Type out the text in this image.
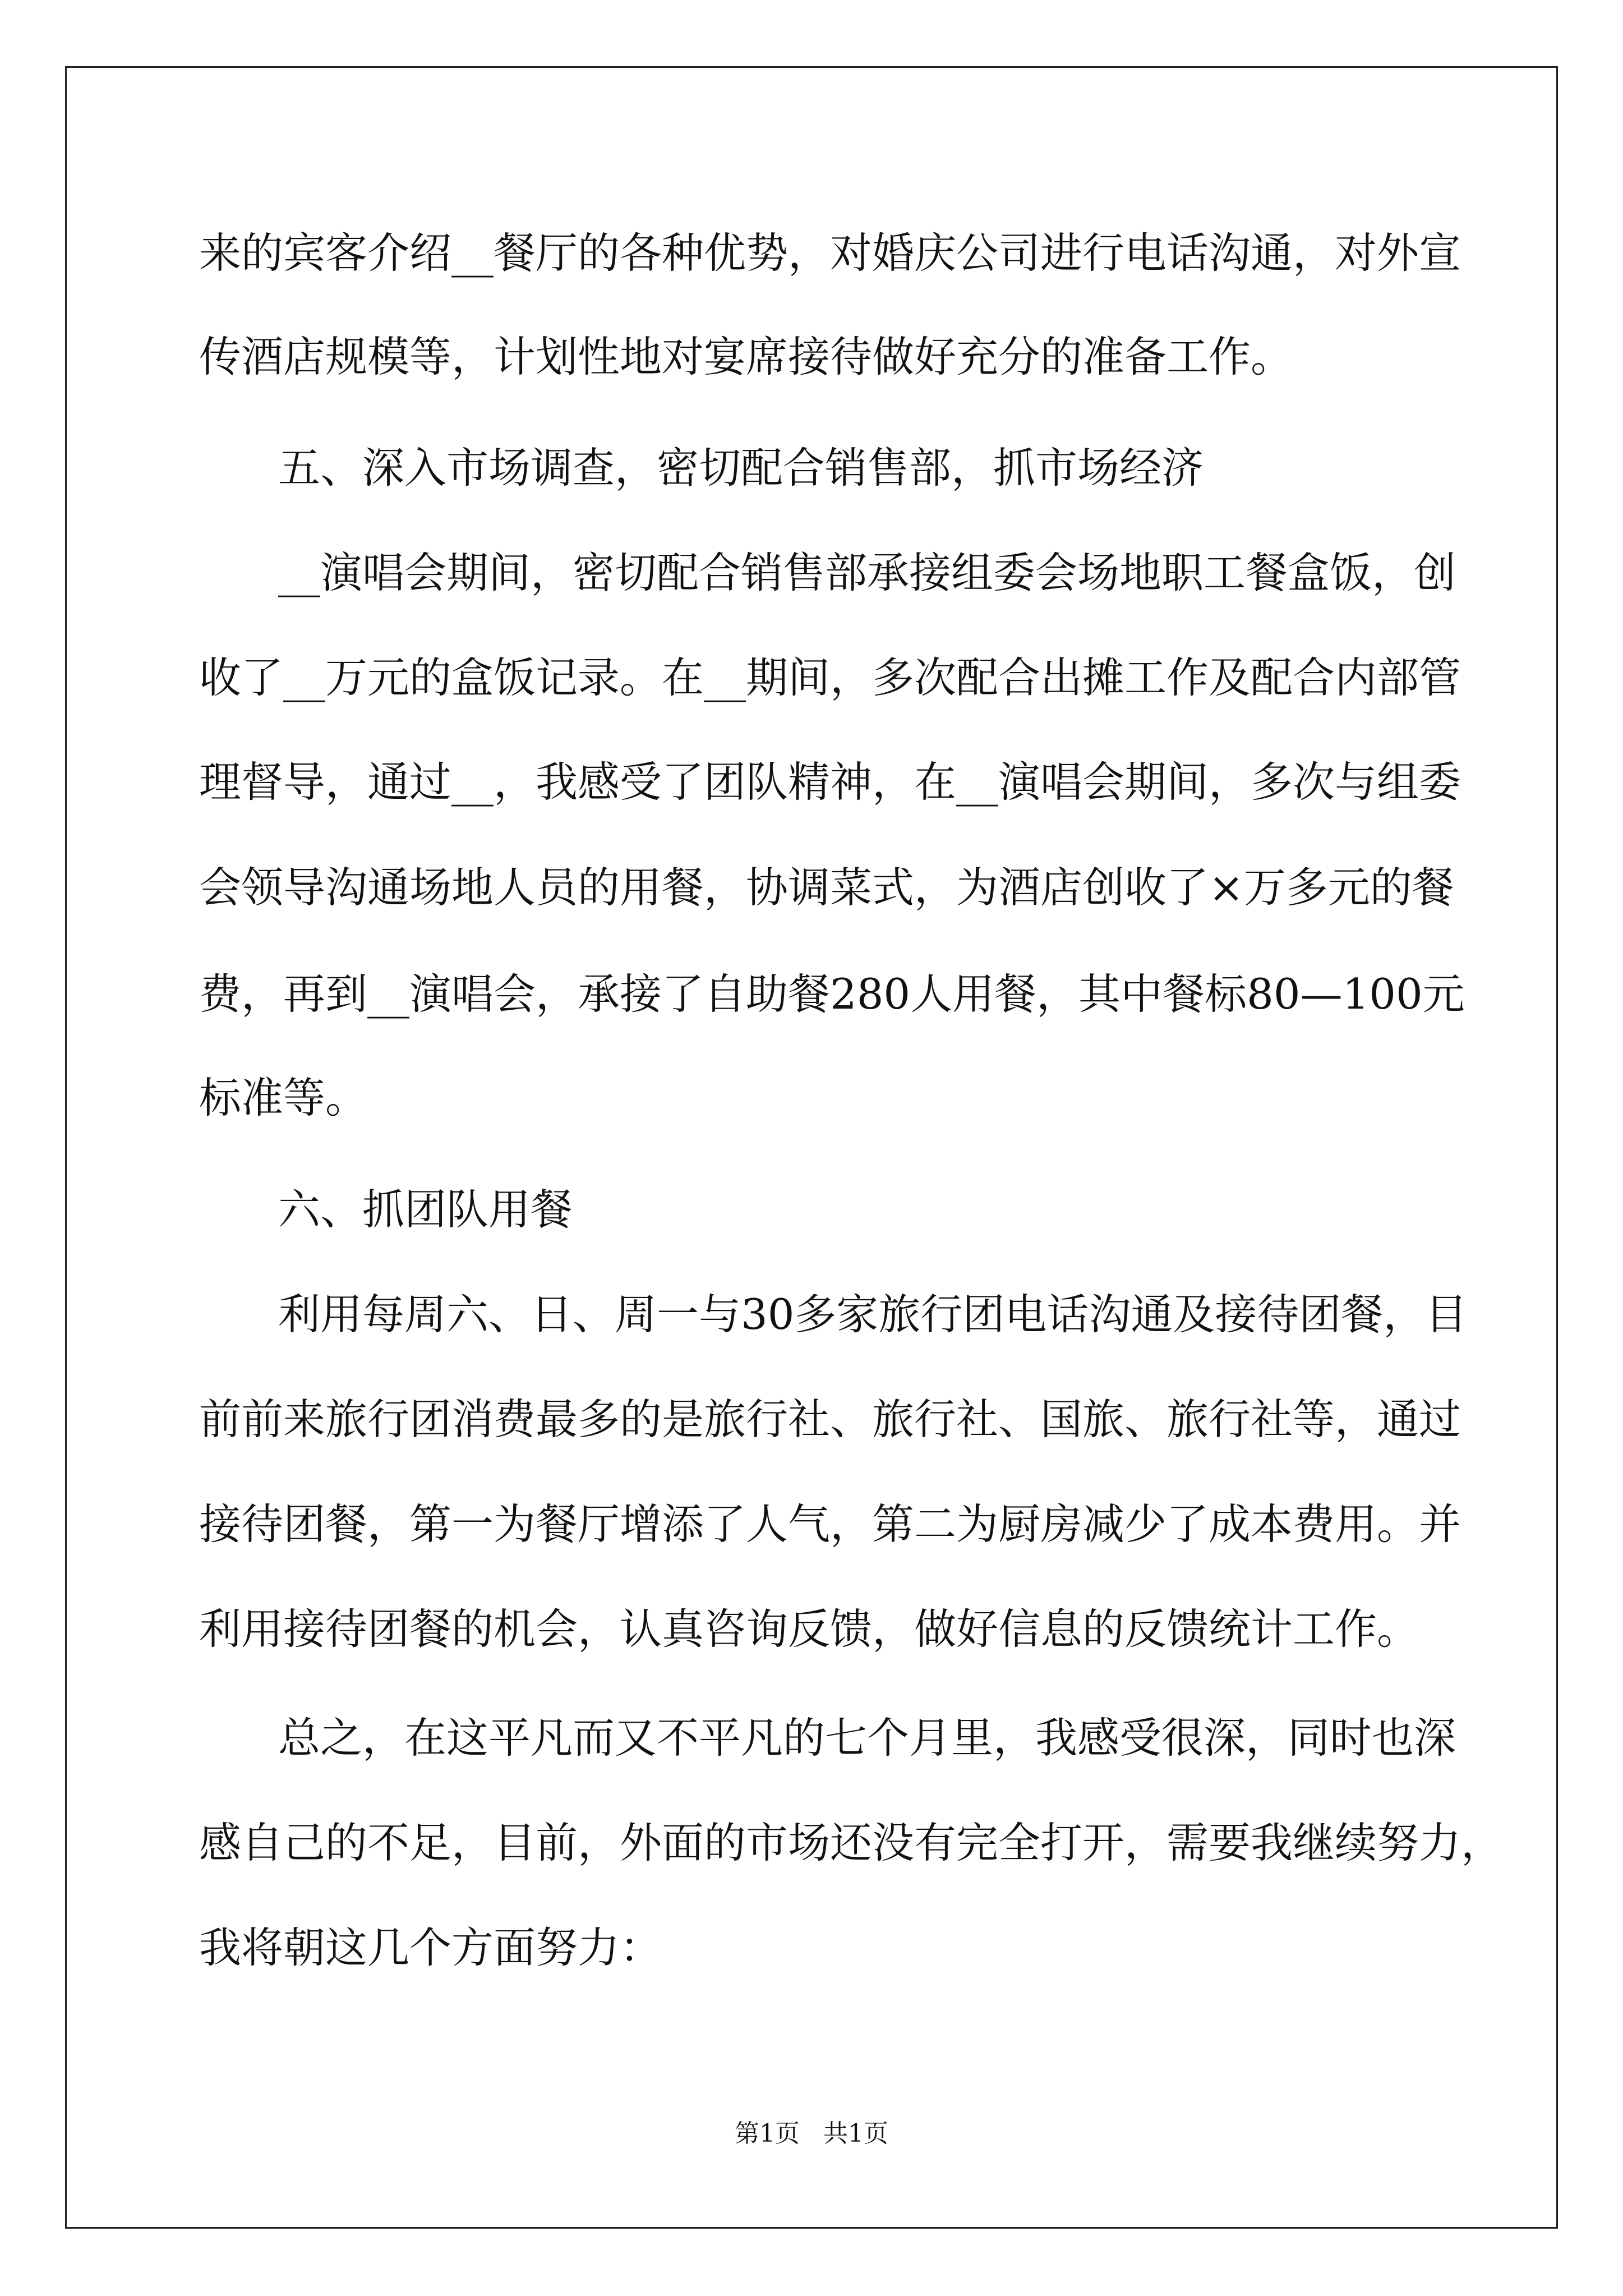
来的宾客介绍__餐厅的各种优势，对婚庆公司进行电话沟通，对外宣

传酒店规模等，计划性地对宴席接待做好充分的准备工作。

五、深入市场调查，密切配合销售部，抓市场经济

__演唱会期间，密切配合销售部承接组委会场地职工餐盒饭，创

收了__万元的盒饭记录。在__期间，多次配合出摊工作及配合内部管

理督导，通过__，我感受了团队精神，在__演唱会期间，多次与组委

会领导沟通场地人员的用餐，协调菜式，为酒店创收了×万多元的餐

费，再到__演唱会，承接了自助餐280人用餐，其中餐标80—100元

标准等。

六、抓团队用餐

利用每周六、日、周一与30多家旅行团电话沟通及接待团餐，目

前前来旅行团消费最多的是旅行社、旅行社、国旅、旅行社等，通过

接待团餐，第一为餐厅增添了人气，第二为厨房减少了成本费用。并

利用接待团餐的机会，认真咨询反馈，做好信息的反馈统计工作。

总之，在这平凡而又不平凡的七个月里，我感受很深，同时也深

感自己的不足，目前，外面的市场还没有完全打开，需要我继续努力，

我将朝这几个方面努力：

第1页   共1页
